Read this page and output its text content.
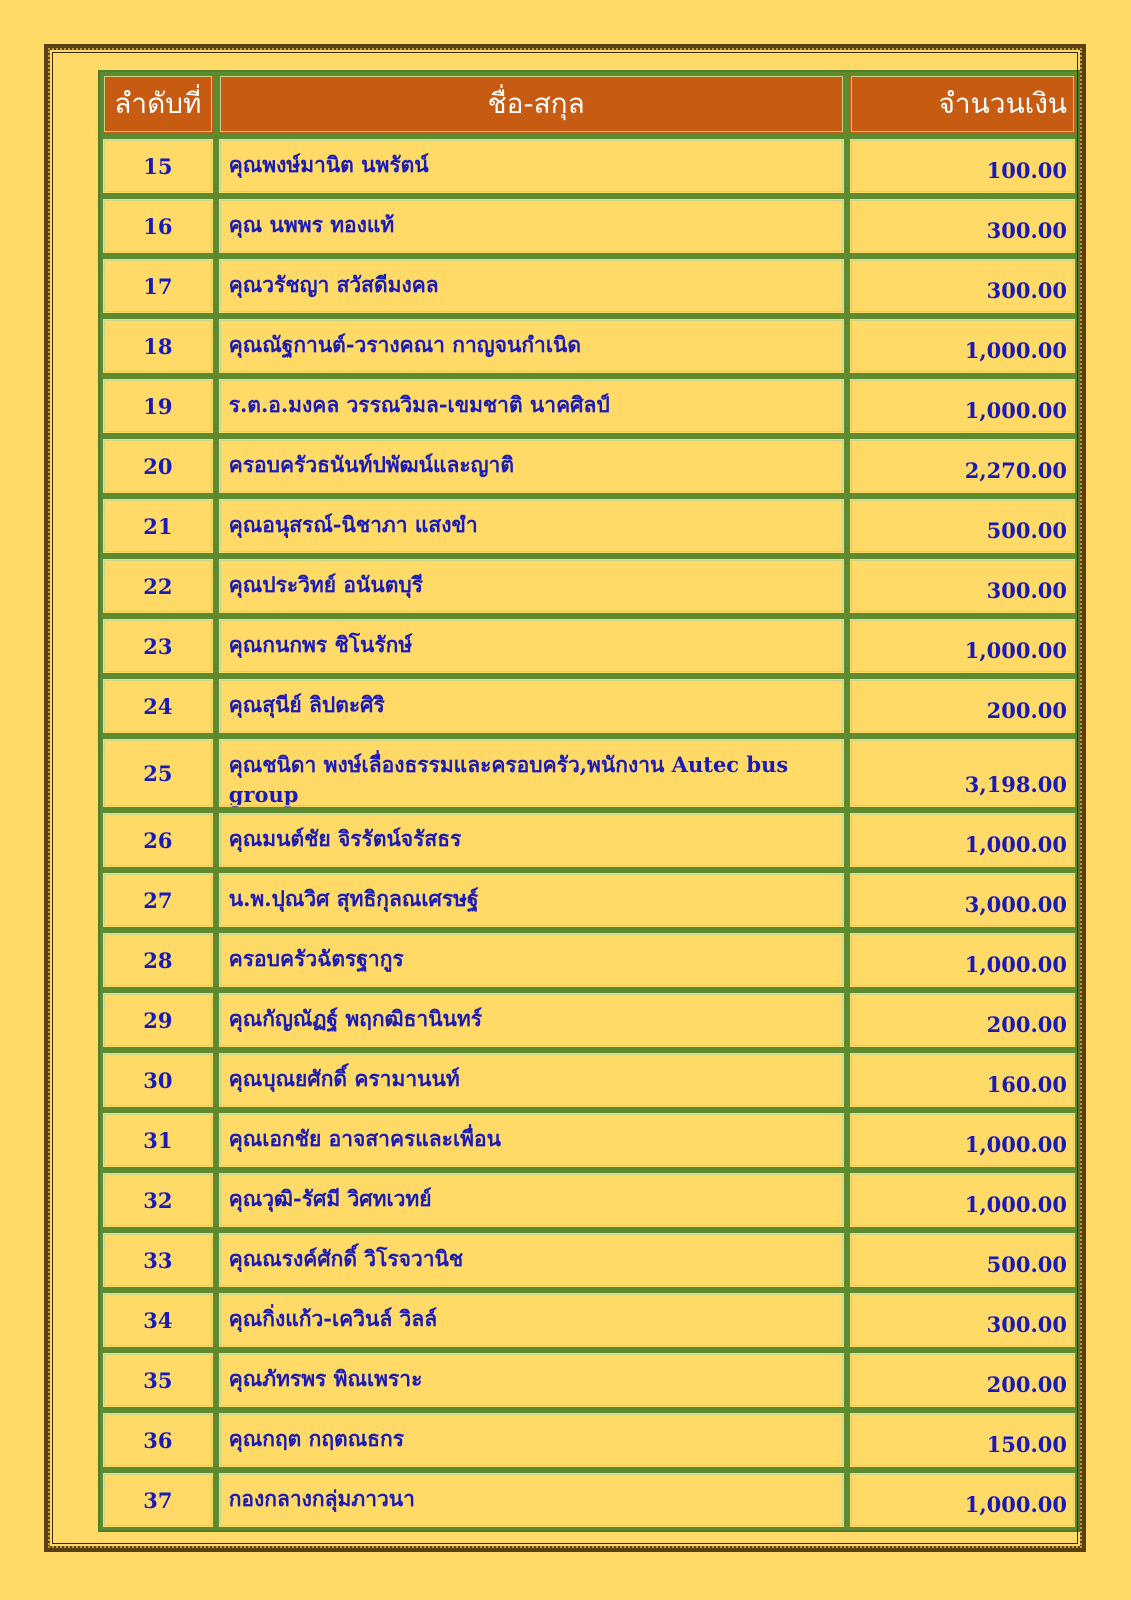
ลำดับที่	ชื่อ-สกุล	จำนวนเงิน
15	คุณพงษ์มานิต นพรัตน์	100.00
16	คุณ นพพร ทองแท้	300.00
17	คุณวรัชญา สวัสดีมงคล	300.00
18	คุณณัฐกานต์-วรางคณา กาญจนกำเนิด	1,000.00
19	ร.ต.อ.มงคล วรรณวิมล-เขมชาติ นาคศิลป์	1,000.00
20	ครอบครัวธนันท์ปพัฒน์และญาติ	2,270.00
21	คุณอนุสรณ์-นิชาภา แสงขำ	500.00
22	คุณประวิทย์ อนันตบุรี	300.00
23	คุณกนกพร ชิโนรักษ์	1,000.00
24	คุณสุนีย์ ลิปตะศิริ	200.00
25	คุณชนิดา พงษ์เลื่องธรรมและครอบครัว,พนักงาน Autec bus group	3,198.00
26	คุณมนต์ชัย จิรรัตน์จรัสธร	1,000.00
27	น.พ.ปุณวิศ สุทธิกุลณเศรษฐ์	3,000.00
28	ครอบครัวฉัตรฐากูร	1,000.00
29	คุณกัญณัฏฐ์ พฤกฒิธานินทร์	200.00
30	คุณบุณยศักดิ์ ครามานนท์	160.00
31	คุณเอกชัย อาจสาครและเพื่อน	1,000.00
32	คุณวุฒิ-รัศมี วิศทเวทย์	1,000.00
33	คุณณรงค์ศักดิ์ วิโรจวานิช	500.00
34	คุณกิ่งแก้ว-เควินล์ วิลล์	300.00
35	คุณภัทรพร พิณเพราะ	200.00
36	คุณกฤต กฤตณธกร	150.00
37	กองกลางกลุ่มภาวนา	1,000.00
